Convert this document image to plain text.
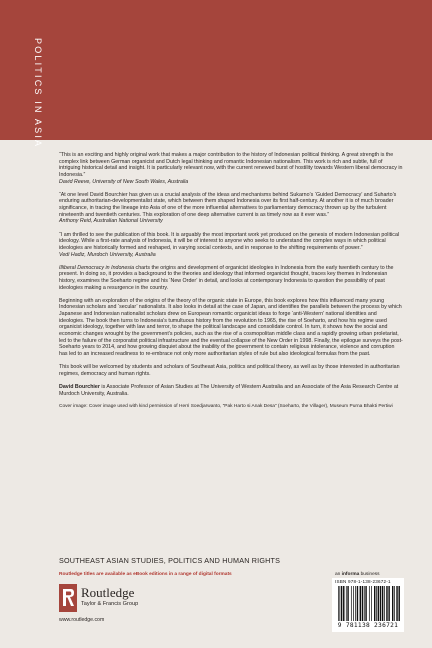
POLITICS IN ASIA

“This is an exciting and highly original work that makes a major contribution to the history of Indonesian political thinking. A great strength is the complex link between German organicist and Dutch legal thinking and romantic Indonesian nationalism. This work is rich and subtle, full of intriguing historical detail and insight. It is particularly relevant now, with the current renewed burst of hostility towards Western liberal democracy in Indonesia.”
David Reeve, University of New South Wales, Australia

“At one level David Bourchier has given us a crucial analysis of the ideas and mechanisms behind Sukarno’s ‘Guided Democracy’ and Suharto’s enduring authoritarian-developmentalist state, which between them shaped Indonesia over its first half-century. At another it is of much broader significance, in tracing the lineage into Asia of one of the more influential alternatives to parliamentary democracy thrown up by the turbulent nineteenth and twentieth centuries. This exploration of one deep alternative current is as timely now as it ever was.”
Anthony Reid, Australian National University

“I am thrilled to see the publication of this book. It is arguably the most important work yet produced on the genesis of modern Indonesian political ideology. While a first-rate analysis of Indonesia, it will be of interest to anyone who seeks to understand the complex ways in which political ideologies are historically formed and reshaped, in varying social contexts, and in response to the shifting requirements of power.”
Vedi Hadiz, Murdoch University, Australia

Illiberal Democracy in Indonesia charts the origins and development of organicist ideologies in Indonesia from the early twentieth century to the present. In doing so, it provides a background to the theories and ideology that informed organicist thought, traces key themes in Indonesian history, examines the Soeharto regime and his ‘New Order’ in detail, and looks at contemporary Indonesia to question the possibility of past ideologies making a resurgence in the country.

Beginning with an exploration of the origins of the theory of the organic state in Europe, this book explores how this influenced many young Indonesian scholars and ‘secular’ nationalists. It also looks in detail at the case of Japan, and identifies the parallels between the process by which Japanese and Indonesian nationalist scholars drew on European romantic organicist ideas to forge ‘anti-Western’ national identities and ideologies. The book then turns to Indonesia’s tumultuous history from the revolution to 1965, the rise of Soeharto, and how his regime used organicist ideology, together with law and terror, to shape the political landscape and consolidate control. In turn, it shows how the social and economic changes wrought by the government’s policies, such as the rise of a cosmopolitan middle class and a rapidly growing urban proletariat, led to the failure of the corporatist political infrastructure and the eventual collapse of the New Order in 1998. Finally, the epilogue surveys the post-Soeharto years to 2014, and how growing disquiet about the inability of the government to contain religious intolerance, violence and corruption has led to an increased readiness to re-embrace not only more authoritarian styles of rule but also ideological formulas from the past.

This book will be welcomed by students and scholars of Southeast Asia, politics and political theory, as well as by those interested in authoritarian regimes, democracy and human rights.

David Bourchier is Associate Professor of Asian Studies at The University of Western Australia and an Associate of the Asia Research Centre at Murdoch University, Australia.

Cover image: Cover image used with kind permission of Herri Soedjarwanto, “Pak Harto si Anak Desa” (Soeharto, the Villager), Museum Purna Bhakti Pertiwi

SOUTHEAST ASIAN STUDIES, POLITICS AND HUMAN RIGHTS
Routledge titles are available as eBook editions in a range of digital formats	an informa business
Routledge
Taylor & Francis Group
www.routledge.com
ISBN 978-1-138-23672-1
9 781138 236721
